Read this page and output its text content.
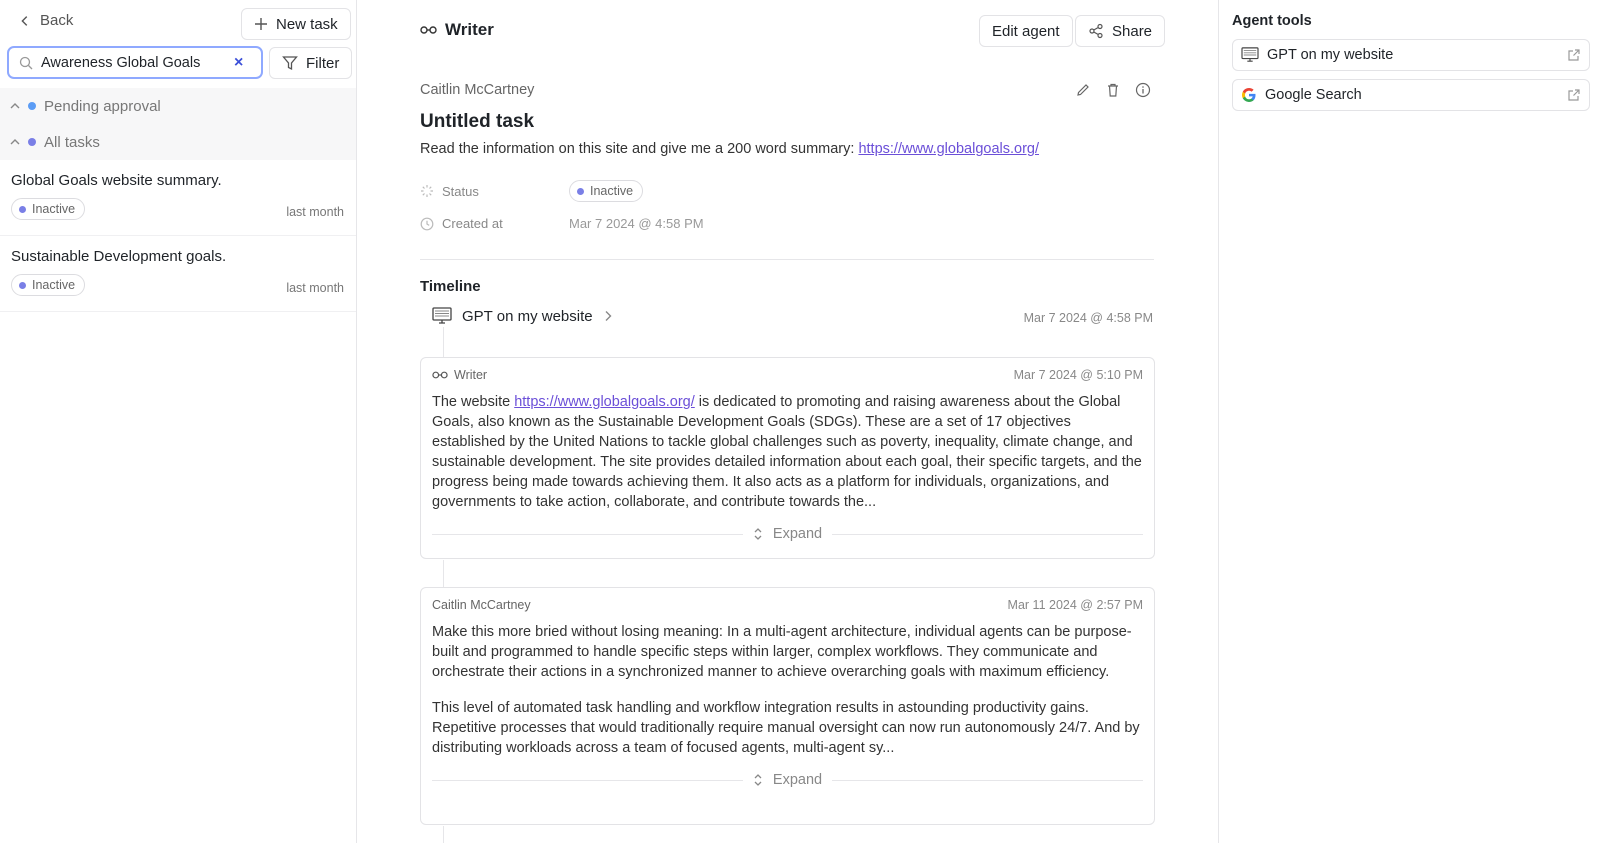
Back	New task
Awareness Global Goals
×	Filter
Pending approval
All tasks
Global Goals website summary.
Inactive	last month
Sustainable Development goals.
Inactive	last month
Writer	Edit agent	Share
Caitlin McCartney
Untitled task
Read the information on this site and give me a 200 word summary: https://www.globalgoals.org/
Status	Inactive
Created at	Mar 7 2024 @ 4:58 PM
Timeline
GPT on my website	Mar 7 2024 @ 4:58 PM
Writer	Mar 7 2024 @ 5:10 PM

The website https://www.globalgoals.org/ is dedicated to promoting and raising awareness about the Global Goals, also known as the Sustainable Development Goals (SDGs). These are a set of 17 objectives established by the United Nations to tackle global challenges such as poverty, inequality, climate change, and sustainable development. The site provides detailed information about each goal, their specific targets, and the progress being made towards achieving them. It also acts as a platform for individuals, organizations, and governments to take action, collaborate, and contribute towards the...

Expand
Caitlin McCartney	Mar 11 2024 @ 2:57 PM

Make this more bried without losing meaning: In a multi-agent architecture, individual agents can be purpose-built and programmed to handle specific steps within larger, complex workflows. They communicate and orchestrate their actions in a synchronized manner to achieve overarching goals with maximum efficiency.

This level of automated task handling and workflow integration results in astounding productivity gains. Repetitive processes that would traditionally require manual oversight can now run autonomously 24/7. And by distributing workloads across a team of focused agents, multi-agent sy...

Expand
Agent tools
GPT on my website
Google Search
